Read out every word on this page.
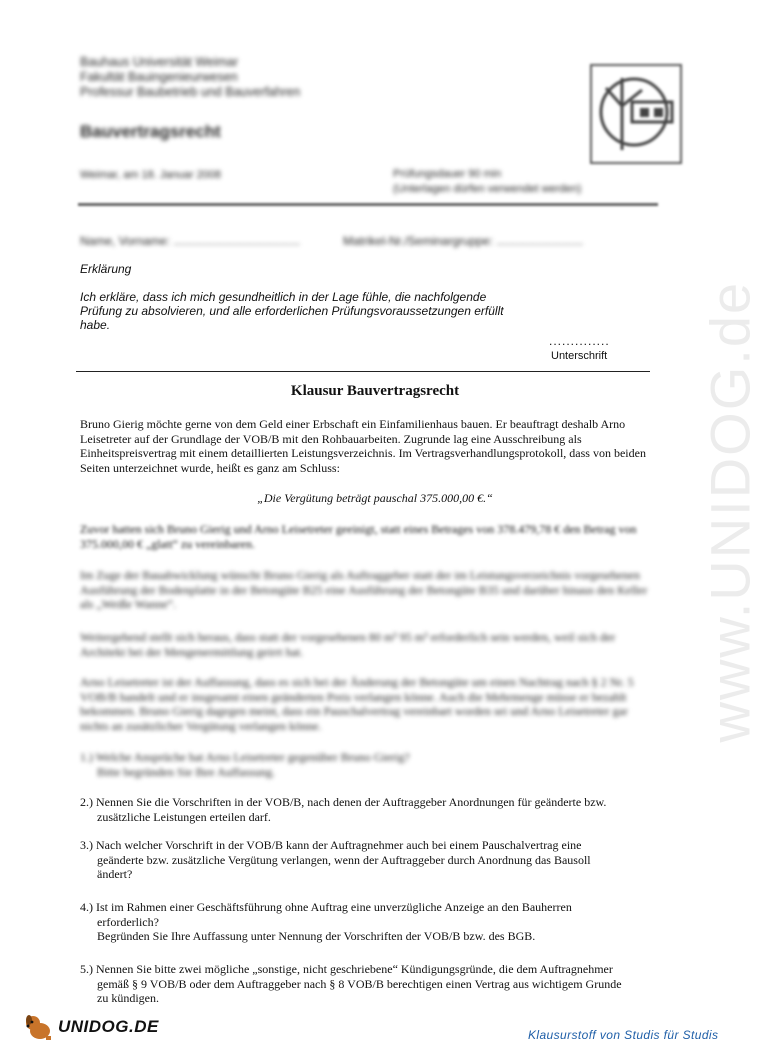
Bauhaus Universität Weimar
Fakultät Bauingenieurwesen
Professur Baubetrieb und Bauverfahren
Bauvertragsrecht
Weimar, am 18. Januar 2008	Prüfungsdauer 90 min
(Unterlagen dürfen verwendet werden)
Name, Vorname: ......................................	Matrikel-Nr./Seminargruppe: ..........................
Erklärung
Ich erkläre, dass ich mich gesundheitlich in der Lage fühle, die nachfolgende Prüfung zu absolvieren, und alle erforderlichen Prüfungsvoraussetzungen erfüllt habe.
..............
Unterschrift
Klausur Bauvertragsrecht
Bruno Gierig möchte gerne von dem Geld einer Erbschaft ein Einfamilienhaus bauen. Er beauftragt deshalb Arno Leisetreter auf der Grundlage der VOB/B mit den Rohbauarbeiten. Zugrunde lag eine Ausschreibung als Einheitspreisvertrag mit einem detaillierten Leistungsverzeichnis. Im Vertragsverhandlungsprotokoll, dass von beiden Seiten unterzeichnet wurde, heißt es ganz am Schluss:
„Die Vergütung beträgt pauschal 375.000,00 €.“
Zuvor hatten sich Bruno Gierig und Arno Leisetreter geeinigt, statt eines Betrages von 378.479,78 € den Betrag von 375.000,00 € „glatt“ zu vereinbaren.
Im Zuge der Bauabwicklung wünscht Bruno Gierig als Auftraggeber statt der im Leistungsverzeichnis vorgesehenen Ausführung der Bodenplatte in der Betongüte B25 eine Ausführung der Betongüte B35 und darüber hinaus den Keller als „Weiße Wanne“.
Weitergehend stellt sich heraus, dass statt der vorgesehenen 80 m³ 95 m³ erforderlich sein werden, weil sich der Architekt bei der Mengenermittlung geirrt hat.
Arno Leisetreter ist der Auffassung, dass es sich bei der Änderung der Betongüte um einen Nachtrag nach § 2 Nr. 5 VOB/B handelt und er insgesamt einen geänderten Preis verlangen könne. Auch die Mehrmenge müsse er bezahlt bekommen. Bruno Gierig dagegen meint, dass ein Pauschalvertrag vereinbart worden sei und Arno Leisetreter gar nichts an zusätzlicher Vergütung verlangen könne.
1.) Welche Ansprüche hat Arno Leisetreter gegenüber Bruno Gierig?
Bitte begründen Sie Ihre Auffassung.
2.) Nennen Sie die Vorschriften in der VOB/B, nach denen der Auftraggeber Anordnungen für geänderte bzw.
zusätzliche Leistungen erteilen darf.
3.) Nach welcher Vorschrift in der VOB/B kann der Auftragnehmer auch bei einem Pauschalvertrag eine
geänderte bzw. zusätzliche Vergütung verlangen, wenn der Auftraggeber durch Anordnung das Bausoll
ändert?
4.) Ist im Rahmen einer Geschäftsführung ohne Auftrag eine unverzügliche Anzeige an den Bauherren
erforderlich?
Begründen Sie Ihre Auffassung unter Nennung der Vorschriften der VOB/B bzw. des BGB.
5.) Nennen Sie bitte zwei mögliche „sonstige, nicht geschriebene“ Kündigungsgründe, die dem Auftragnehmer
gemäß § 9 VOB/B oder dem Auftraggeber nach § 8 VOB/B berechtigen einen Vertrag aus wichtigem Grunde
zu kündigen.
www.UNIDOG.de
UNIDOG.DE	Klausurstoff von Studis für Studis
